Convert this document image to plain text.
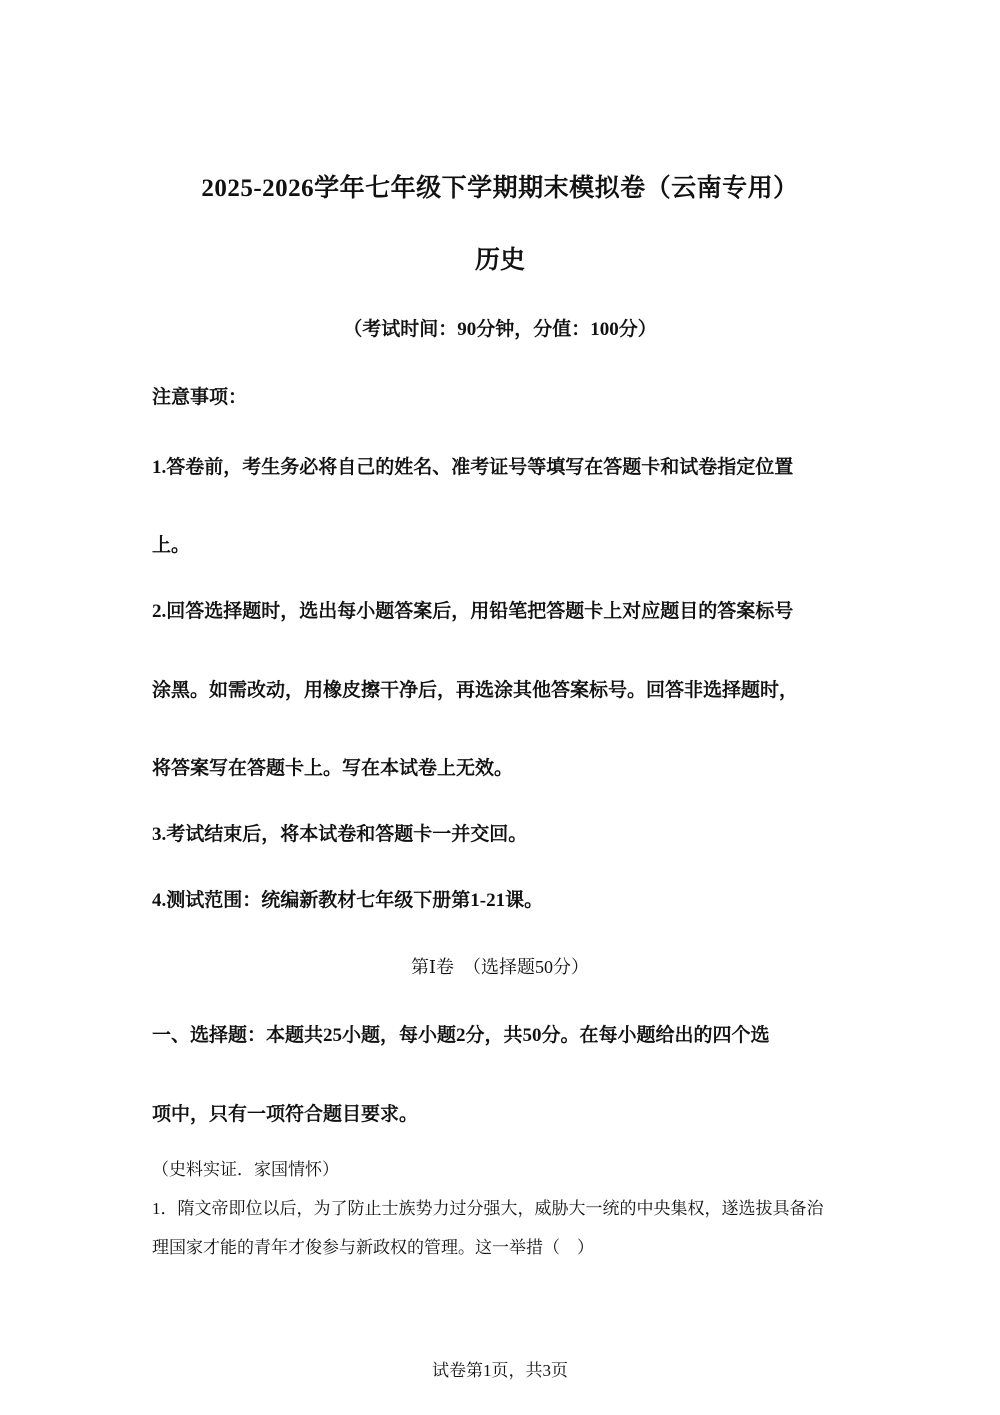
2025-2026学年七年级下学期期末模拟卷（云南专用）
历史

（考试时间：90分钟，分值：100分）

注意事项：

1.答卷前，考生务必将自己的姓名、准考证号等填写在答题卡和试卷指定位置

上。

2.回答选择题时，选出每小题答案后，用铅笔把答题卡上对应题目的答案标号

涂黑。如需改动，用橡皮擦干净后，再选涂其他答案标号。回答非选择题时，

将答案写在答题卡上。写在本试卷上无效。

3.考试结束后，将本试卷和答题卡一并交回。

4.测试范围：统编新教材七年级下册第1-21课。

第Ⅰ卷　（选择题50分）

一、选择题：本题共25小题，每小题2分，共50分。在每小题给出的四个选

项中，只有一项符合题目要求。

（史料实证．家国情怀）

1．隋文帝即位以后，为了防止士族势力过分强大，威胁大一统的中央集权，遂选拔具备治

理国家才能的青年才俊参与新政权的管理。这一举措（　）

试卷第1页，共3页
